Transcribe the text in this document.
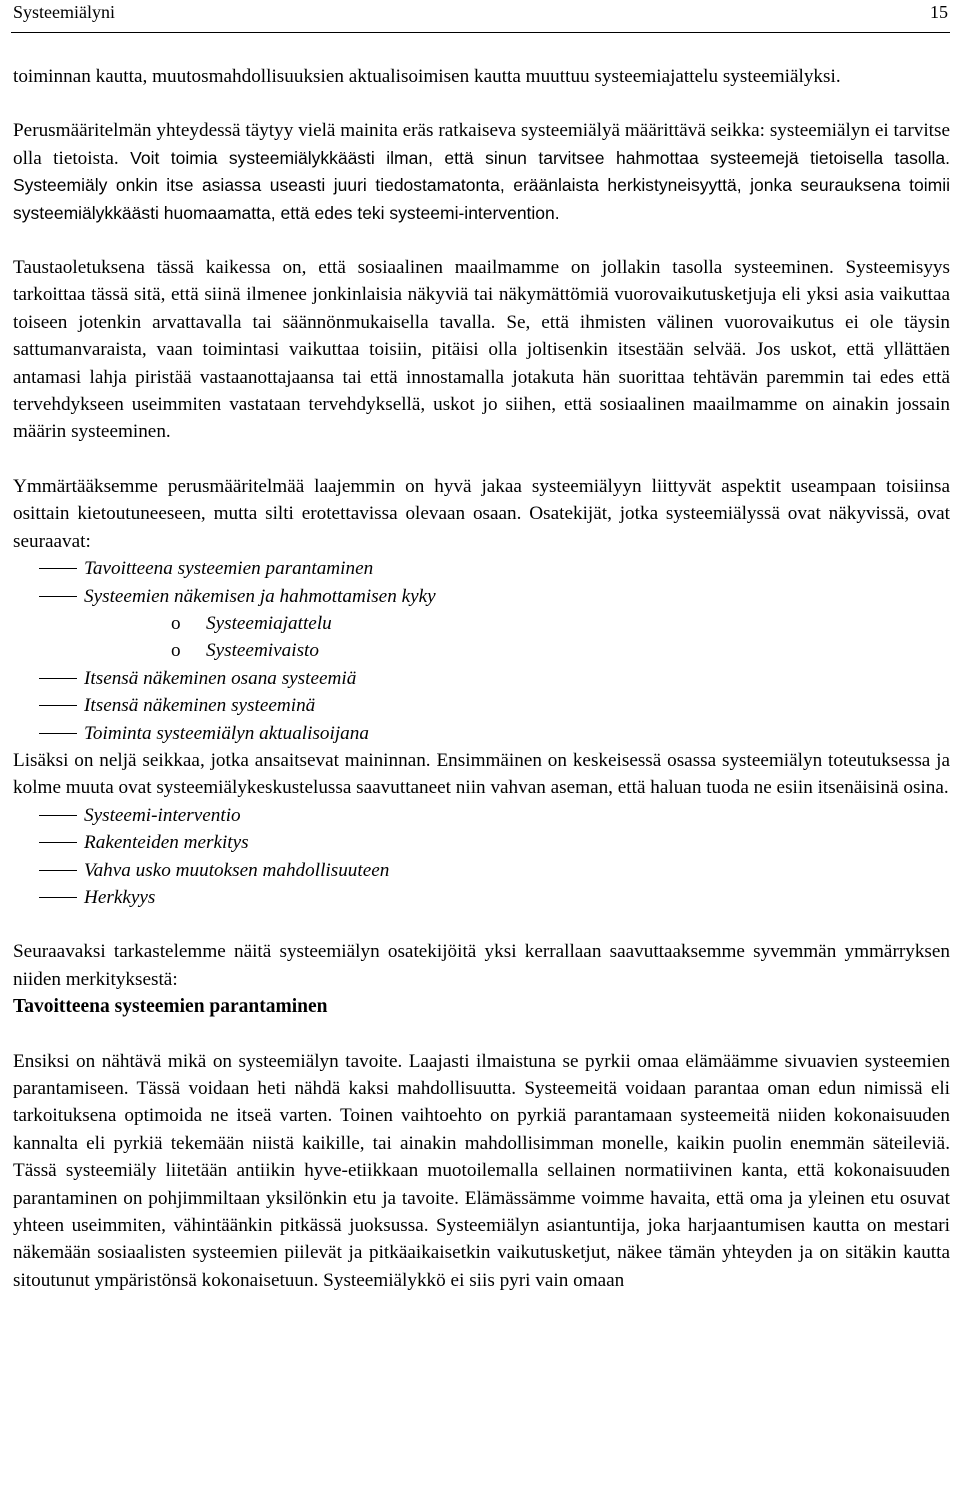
Systeemiälyni	15

toiminnan kautta, muutosmahdollisuuksien aktualisoimisen kautta muuttuu systeemiajattelu systeemiälyksi.

Perusmääritelmän yhteydessä täytyy vielä mainita eräs ratkaiseva systeemiälyä määrittävä seikka: systeemiälyn ei tarvitse olla tietoista. Voit toimia systeemiälykkäästi ilman, että sinun tarvitsee hahmottaa systeemejä tietoisella tasolla. Systeemiäly onkin itse asiassa useasti juuri tiedostamatonta, eräänlaista herkistyneisyyttä, jonka seurauksena toimii systeemiälykkäästi huomaamatta, että edes teki systeemi-intervention.

Taustaoletuksena tässä kaikessa on, että sosiaalinen maailmamme on jollakin tasolla systeeminen. Systeemisyys tarkoittaa tässä sitä, että siinä ilmenee jonkinlaisia näkyviä tai näkymättömiä vuorovaikutusketjuja eli yksi asia vaikuttaa toiseen jotenkin arvattavalla tai säännönmukaisella tavalla. Se, että ihmisten välinen vuorovaikutus ei ole täysin sattumanvaraista, vaan toimintasi vaikuttaa toisiin, pitäisi olla joltisenkin itsestään selvää. Jos uskot, että yllättäen antamasi lahja piristää vastaanottajaansa tai että innostamalla jotakuta hän suorittaa tehtävän paremmin tai edes että tervehdykseen useimmiten vastataan tervehdyksellä, uskot jo siihen, että sosiaalinen maailmamme on ainakin jossain määrin systeeminen.

Ymmärtääksemme perusmääritelmää laajemmin on hyvä jakaa systeemiälyyn liittyvät aspektit useampaan toisiinsa osittain kietoutuneeseen, mutta silti erotettavissa olevaan osaan. Osatekijät, jotka systeemiälyssä ovat näkyvissä, ovat seuraavat:

Tavoitteena systeemien parantaminen
Systeemien näkemisen ja hahmottamisen kyky
o Systeemiajattelu
o Systeemivaisto
Itsensä näkeminen osana systeemiä
Itsensä näkeminen systeeminä
Toiminta systeemiälyn aktualisoijana

Lisäksi on neljä seikkaa, jotka ansaitsevat maininnan. Ensimmäinen on keskeisessä osassa systeemiälyn toteutuksessa ja kolme muuta ovat systeemiälykeskustelussa saavuttaneet niin vahvan aseman, että haluan tuoda ne esiin itsenäisinä osina.

Systeemi-interventio
Rakenteiden merkitys
Vahva usko muutoksen mahdollisuuteen
Herkkyys

Seuraavaksi tarkastelemme näitä systeemiälyn osatekijöitä yksi kerrallaan saavuttaaksemme syvemmän ymmärryksen niiden merkityksestä:

Tavoitteena systeemien parantaminen

Ensiksi on nähtävä mikä on systeemiälyn tavoite. Laajasti ilmaistuna se pyrkii omaa elämäämme sivuavien systeemien parantamiseen. Tässä voidaan heti nähdä kaksi mahdollisuutta. Systeemeitä voidaan parantaa oman edun nimissä eli tarkoituksena optimoida ne itseä varten. Toinen vaihtoehto on pyrkiä parantamaan systeemeitä niiden kokonaisuuden kannalta eli pyrkiä tekemään niistä kaikille, tai ainakin mahdollisimman monelle, kaikin puolin enemmän säteileviä. Tässä systeemiäly liitetään antiikin hyve-etiikkaan muotoilemalla sellainen normatiivinen kanta, että kokonaisuuden parantaminen on pohjimmiltaan yksilönkin etu ja tavoite. Elämässämme voimme havaita, että oma ja yleinen etu osuvat yhteen useimmiten, vähintäänkin pitkässä juoksussa. Systeemiälyn asiantuntija, joka harjaantumisen kautta on mestari näkemään sosiaalisten systeemien piilevät ja pitkäaikaisetkin vaikutusketjut, näkee tämän yhteyden ja on sitäkin kautta sitoutunut ympäristönsä kokonaisetuun. Systeemiälykkö ei siis pyri vain omaan
